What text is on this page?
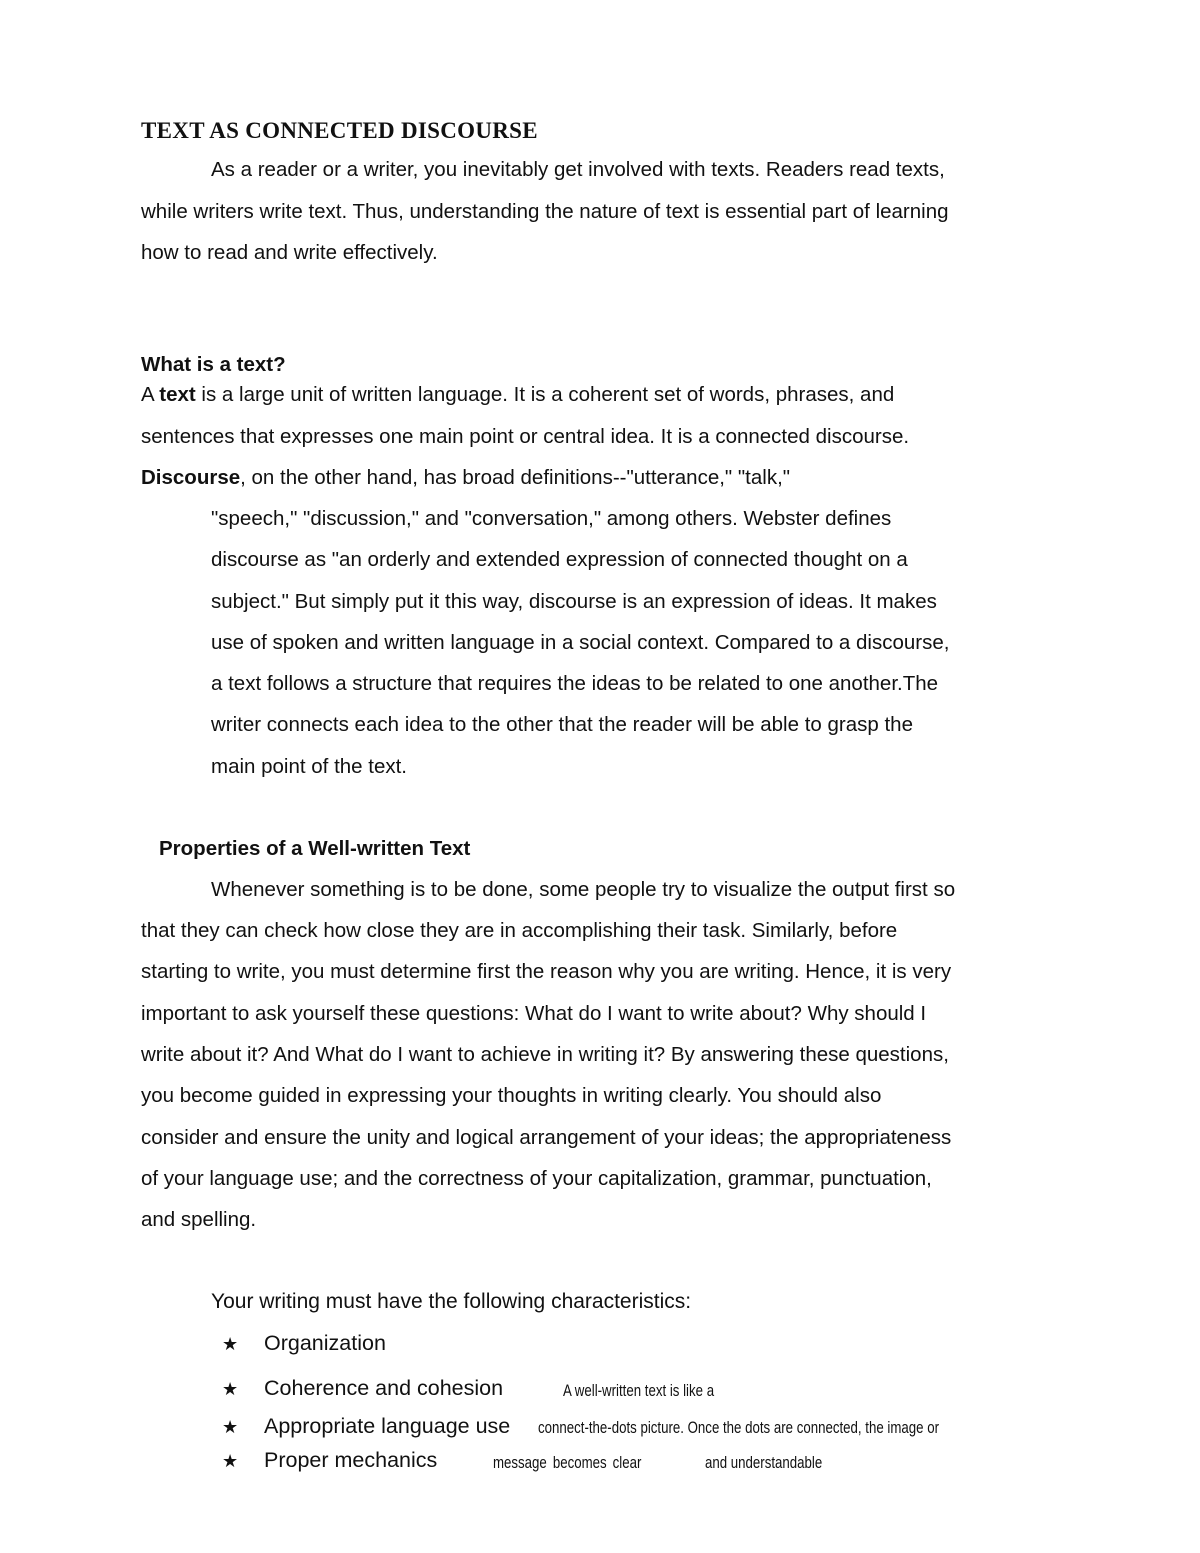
TEXT AS CONNECTED DISCOURSE
As a reader or a writer, you inevitably get involved with texts. Readers read texts,
while writers write text. Thus, understanding the nature of text is essential part of learning
how to read and write effectively.
What is a text?
A text is a large unit of written language. It is a coherent set of words, phrases, and
sentences that expresses one main point or central idea. It is a connected discourse.
Discourse, on the other hand, has broad definitions--"utterance," "talk,"
"speech," "discussion," and "conversation," among others. Webster defines
discourse as "an orderly and extended expression of connected thought on a
subject." But simply put it this way, discourse is an expression of ideas. It makes
use of spoken and written language in a social context. Compared to a discourse,
a text follows a structure that requires the ideas to be related to one another.The
writer connects each idea to the other that the reader will be able to grasp the
main point of the text.
Properties of a Well-written Text
Whenever something is to be done, some people try to visualize the output first so
that they can check how close they are in accomplishing their task. Similarly, before
starting to write, you must determine first the reason why you are writing. Hence, it is very
important to ask yourself these questions: What do I want to write about? Why should I
write about it? And What do I want to achieve in writing it? By answering these questions,
you become guided in expressing your thoughts in writing clearly. You should also
consider and ensure the unity and logical arrangement of your ideas; the appropriateness
of your language use; and the correctness of your capitalization, grammar, punctuation,
and spelling.
Your writing must have the following characteristics:
★ Organization
★ Coherence and cohesion
★ Appropriate language use
★ Proper mechanics
A well-written text is like a
connect-the-dots picture. Once the dots are connected, the image or
message becomes clear	and understandable
